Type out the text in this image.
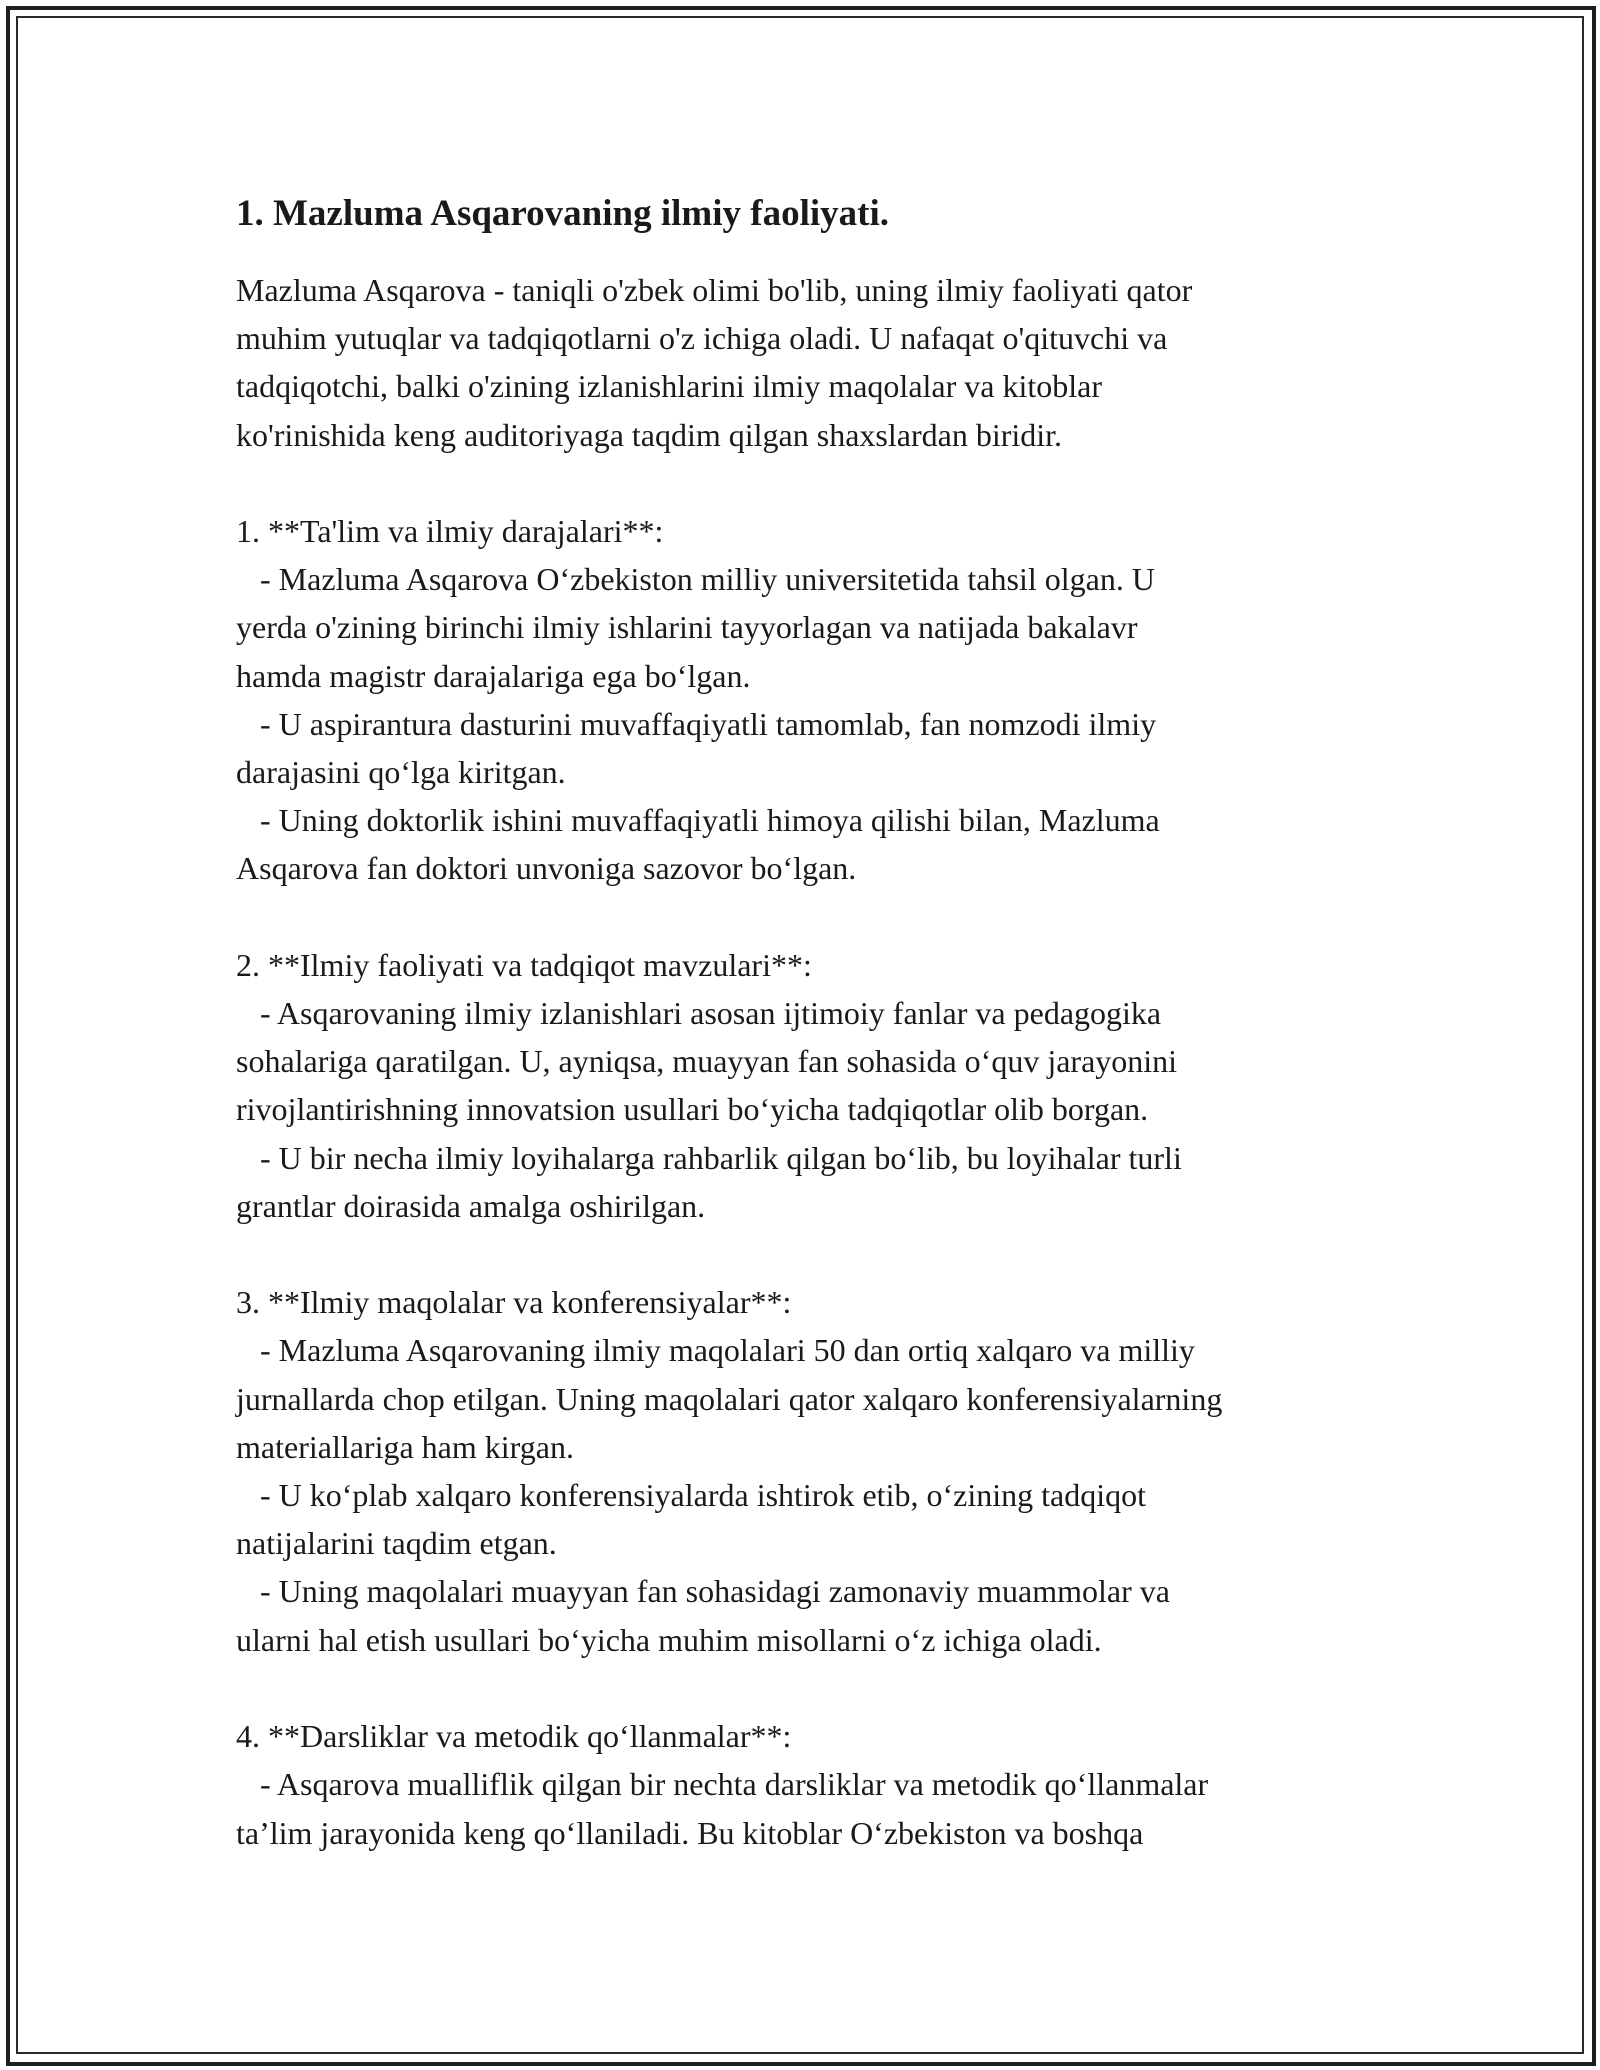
1. Mazluma Asqarovaning ilmiy faoliyati.

Mazluma Asqarova - taniqli o'zbek olimi bo'lib, uning ilmiy faoliyati qator
muhim yutuqlar va tadqiqotlarni o'z ichiga oladi. U nafaqat o'qituvchi va
tadqiqotchi, balki o'zining izlanishlarini ilmiy maqolalar va kitoblar
ko'rinishida keng auditoriyaga taqdim qilgan shaxslardan biridir.

1. **Ta'lim va ilmiy darajalari**:
- Mazluma Asqarova O‘zbekiston milliy universitetida tahsil olgan. U
yerda o'zining birinchi ilmiy ishlarini tayyorlagan va natijada bakalavr
hamda magistr darajalariga ega bo‘lgan.
- U aspirantura dasturini muvaffaqiyatli tamomlab, fan nomzodi ilmiy
darajasini qo‘lga kiritgan.
- Uning doktorlik ishini muvaffaqiyatli himoya qilishi bilan, Mazluma
Asqarova fan doktori unvoniga sazovor bo‘lgan.

2. **Ilmiy faoliyati va tadqiqot mavzulari**:
- Asqarovaning ilmiy izlanishlari asosan ijtimoiy fanlar va pedagogika
sohalariga qaratilgan. U, ayniqsa, muayyan fan sohasida o‘quv jarayonini
rivojlantirishning innovatsion usullari bo‘yicha tadqiqotlar olib borgan.
- U bir necha ilmiy loyihalarga rahbarlik qilgan bo‘lib, bu loyihalar turli
grantlar doirasida amalga oshirilgan.

3. **Ilmiy maqolalar va konferensiyalar**:
- Mazluma Asqarovaning ilmiy maqolalari 50 dan ortiq xalqaro va milliy
jurnallarda chop etilgan. Uning maqolalari qator xalqaro konferensiyalarning
materiallariga ham kirgan.
- U ko‘plab xalqaro konferensiyalarda ishtirok etib, o‘zining tadqiqot
natijalarini taqdim etgan.
- Uning maqolalari muayyan fan sohasidagi zamonaviy muammolar va
ularni hal etish usullari bo‘yicha muhim misollarni o‘z ichiga oladi.

4. **Darsliklar va metodik qo‘llanmalar**:
- Asqarova mualliflik qilgan bir nechta darsliklar va metodik qo‘llanmalar
ta’lim jarayonida keng qo‘llaniladi. Bu kitoblar O‘zbekiston va boshqa
